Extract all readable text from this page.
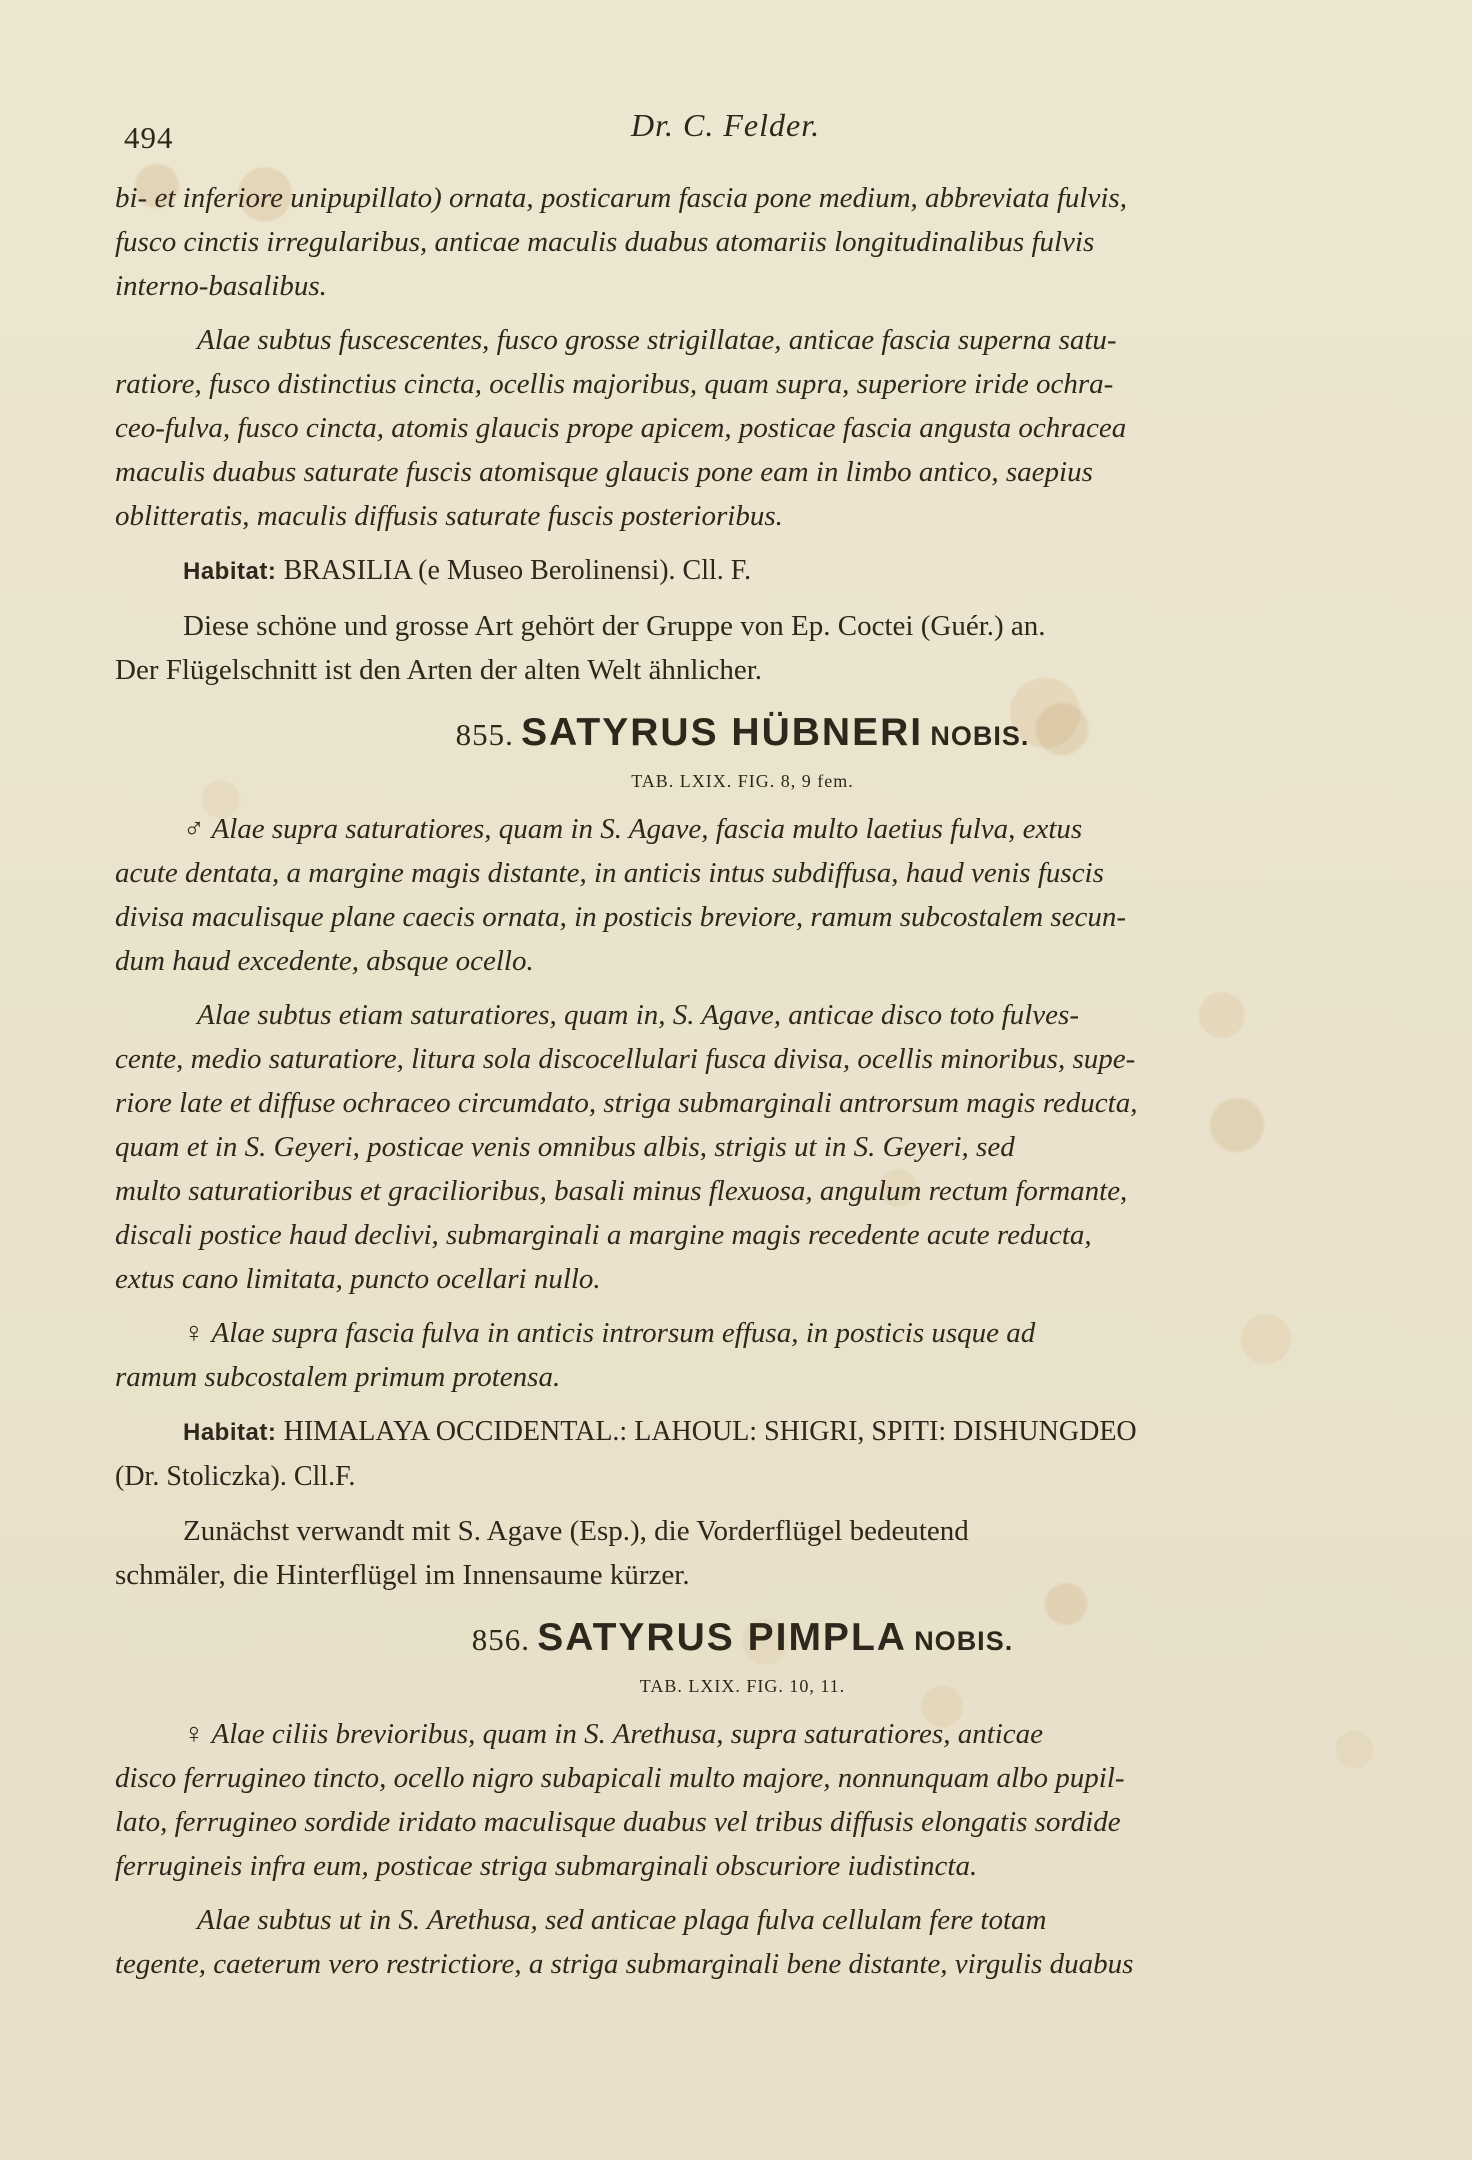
494	Dr. C. Felder.
bi- et inferiore unipupillato) ornata, posticarum fascia pone medium, abbreviata fulvis,
fusco cinctis irregularibus, anticae maculis duabus atomariis longitudinalibus fulvis
interno-basalibus.
Alae subtus fuscescentes, fusco grosse strigillatae, anticae fascia superna satu-
ratiore, fusco distinctius cincta, ocellis majoribus, quam supra, superiore iride ochra-
ceo-fulva, fusco cincta, atomis glaucis prope apicem, posticae fascia angusta ochracea
maculis duabus saturate fuscis atomisque glaucis pone eam in limbo antico, saepius
oblitteratis, maculis diffusis saturate fuscis posterioribus.
Habitat: BRASILIA (e Museo Berolinensi). Cll. F.
Diese schöne und grosse Art gehört der Gruppe von Ep. Coctei (Guér.) an.
Der Flügelschnitt ist den Arten der alten Welt ähnlicher.
855. SATYRUS HÜBNERI NOBIS.
TAB. LXIX. FIG. 8, 9 fem.
♂ Alae supra saturatiores, quam in S. Agave, fascia multo laetius fulva, extus
acute dentata, a margine magis distante, in anticis intus subdiffusa, haud venis fuscis
divisa maculisque plane caecis ornata, in posticis breviore, ramum subcostalem secun-
dum haud excedente, absque ocello.
Alae subtus etiam saturatiores, quam in, S. Agave, anticae disco toto fulves-
cente, medio saturatiore, litura sola discocellulari fusca divisa, ocellis minoribus, supe-
riore late et diffuse ochraceo circumdato, striga submarginali antrorsum magis reducta,
quam et in S. Geyeri, posticae venis omnibus albis, strigis ut in S. Geyeri, sed
multo saturatioribus et gracilioribus, basali minus flexuosa, angulum rectum formante,
discali postice haud declivi, submarginali a margine magis recedente acute reducta,
extus cano limitata, puncto ocellari nullo.
♀ Alae supra fascia fulva in anticis introrsum effusa, in posticis usque ad
ramum subcostalem primum protensa.
Habitat: HIMALAYA OCCIDENTAL.: LAHOUL: SHIGRI, SPITI: DISHUNGDEO
(Dr. Stoliczka). Cll.F.
Zunächst verwandt mit S. Agave (Esp.), die Vorderflügel bedeutend
schmäler, die Hinterflügel im Innensaume kürzer.
856. SATYRUS PIMPLA NOBIS.
TAB. LXIX. FIG. 10, 11.
♀ Alae ciliis brevioribus, quam in S. Arethusa, supra saturatiores, anticae
disco ferrugineo tincto, ocello nigro subapicali multo majore, nonnunquam albo pupil-
lato, ferrugineo sordide iridato maculisque duabus vel tribus diffusis elongatis sordide
ferrugineis infra eum, posticae striga submarginali obscuriore iudistincta.
Alae subtus ut in S. Arethusa, sed anticae plaga fulva cellulam fere totam
tegente, caeterum vero restrictiore, a striga submarginali bene distante, virgulis duabus
